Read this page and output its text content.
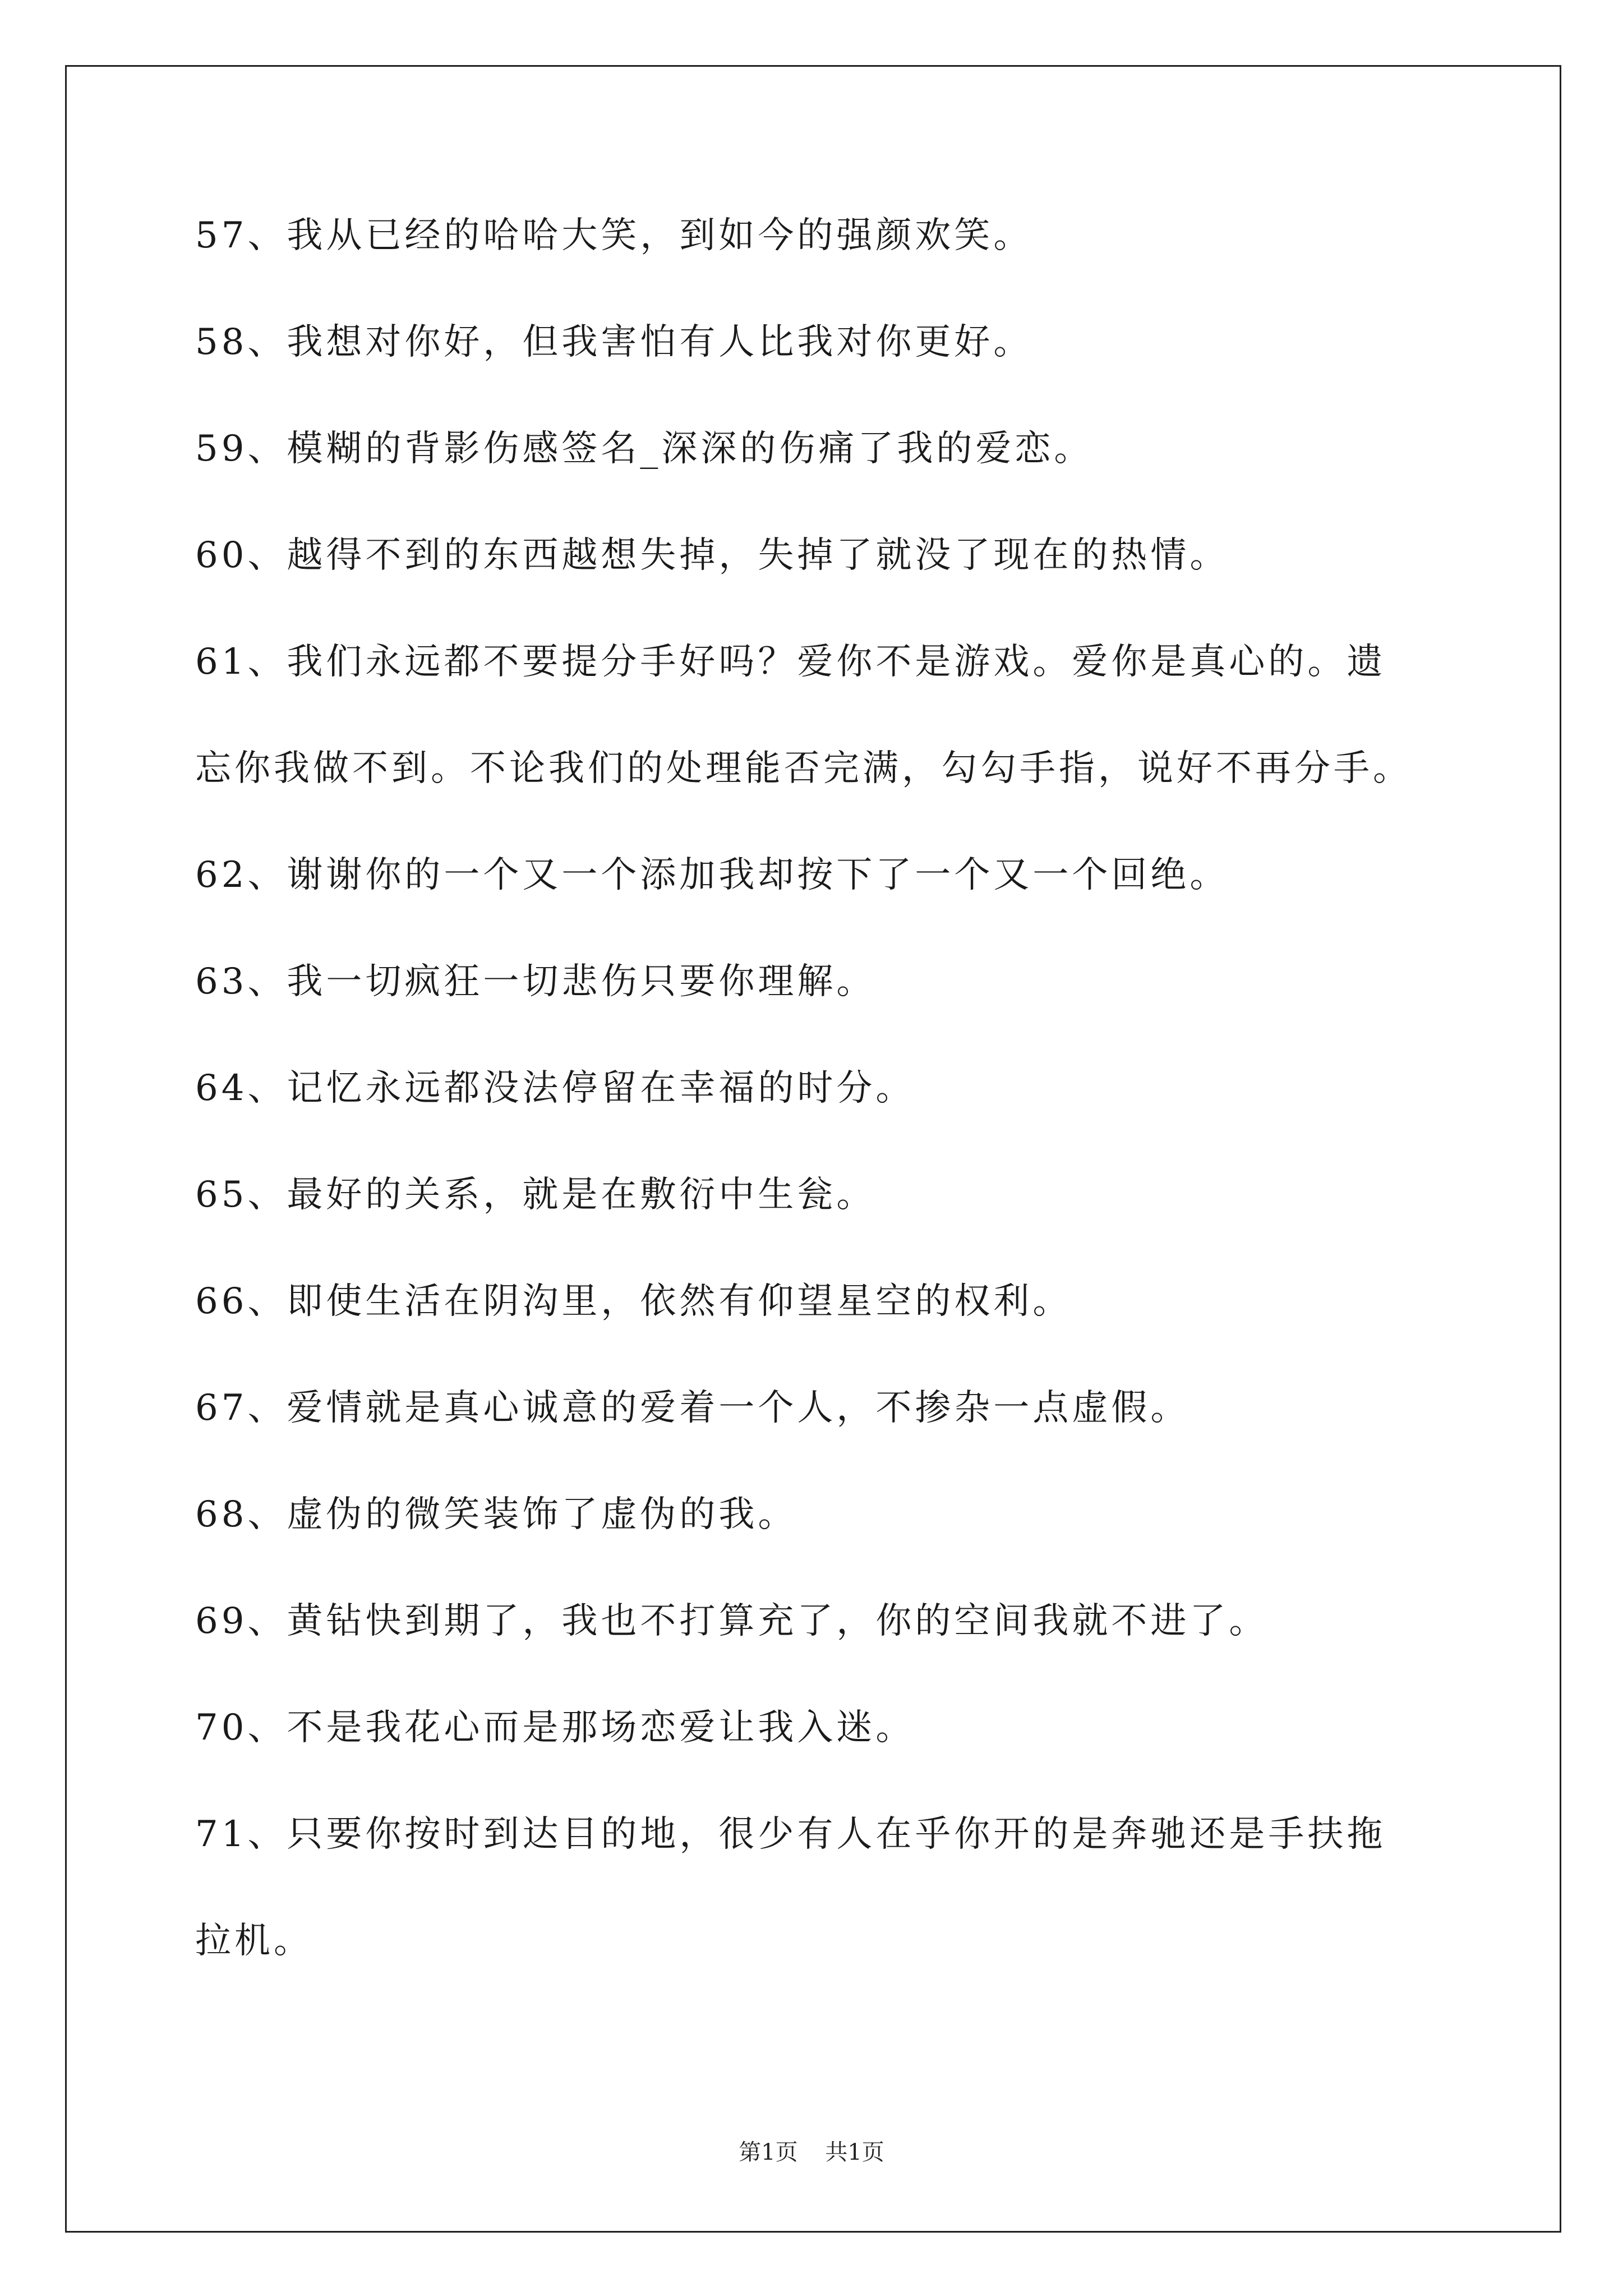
57、我从已经的哈哈大笑，到如今的强颜欢笑。
58、我想对你好，但我害怕有人比我对你更好。
59、模糊的背影伤感签名_深深的伤痛了我的爱恋。
60、越得不到的东西越想失掉，失掉了就没了现在的热情。
61、我们永远都不要提分手好吗？爱你不是游戏。爱你是真心的。遗
忘你我做不到。不论我们的处理能否完满，勾勾手指，说好不再分手。
62、谢谢你的一个又一个添加我却按下了一个又一个回绝。
63、我一切疯狂一切悲伤只要你理解。
64、记忆永远都没法停留在幸福的时分。
65、最好的关系，就是在敷衍中生瓮。
66、即使生活在阴沟里，依然有仰望星空的权利。
67、爱情就是真心诚意的爱着一个人，不掺杂一点虚假。
68、虚伪的微笑装饰了虚伪的我。
69、黄钻快到期了，我也不打算充了，你的空间我就不进了。
70、不是我花心而是那场恋爱让我入迷。
71、只要你按时到达目的地，很少有人在乎你开的是奔驰还是手扶拖
拉机。
第1页 共1页
